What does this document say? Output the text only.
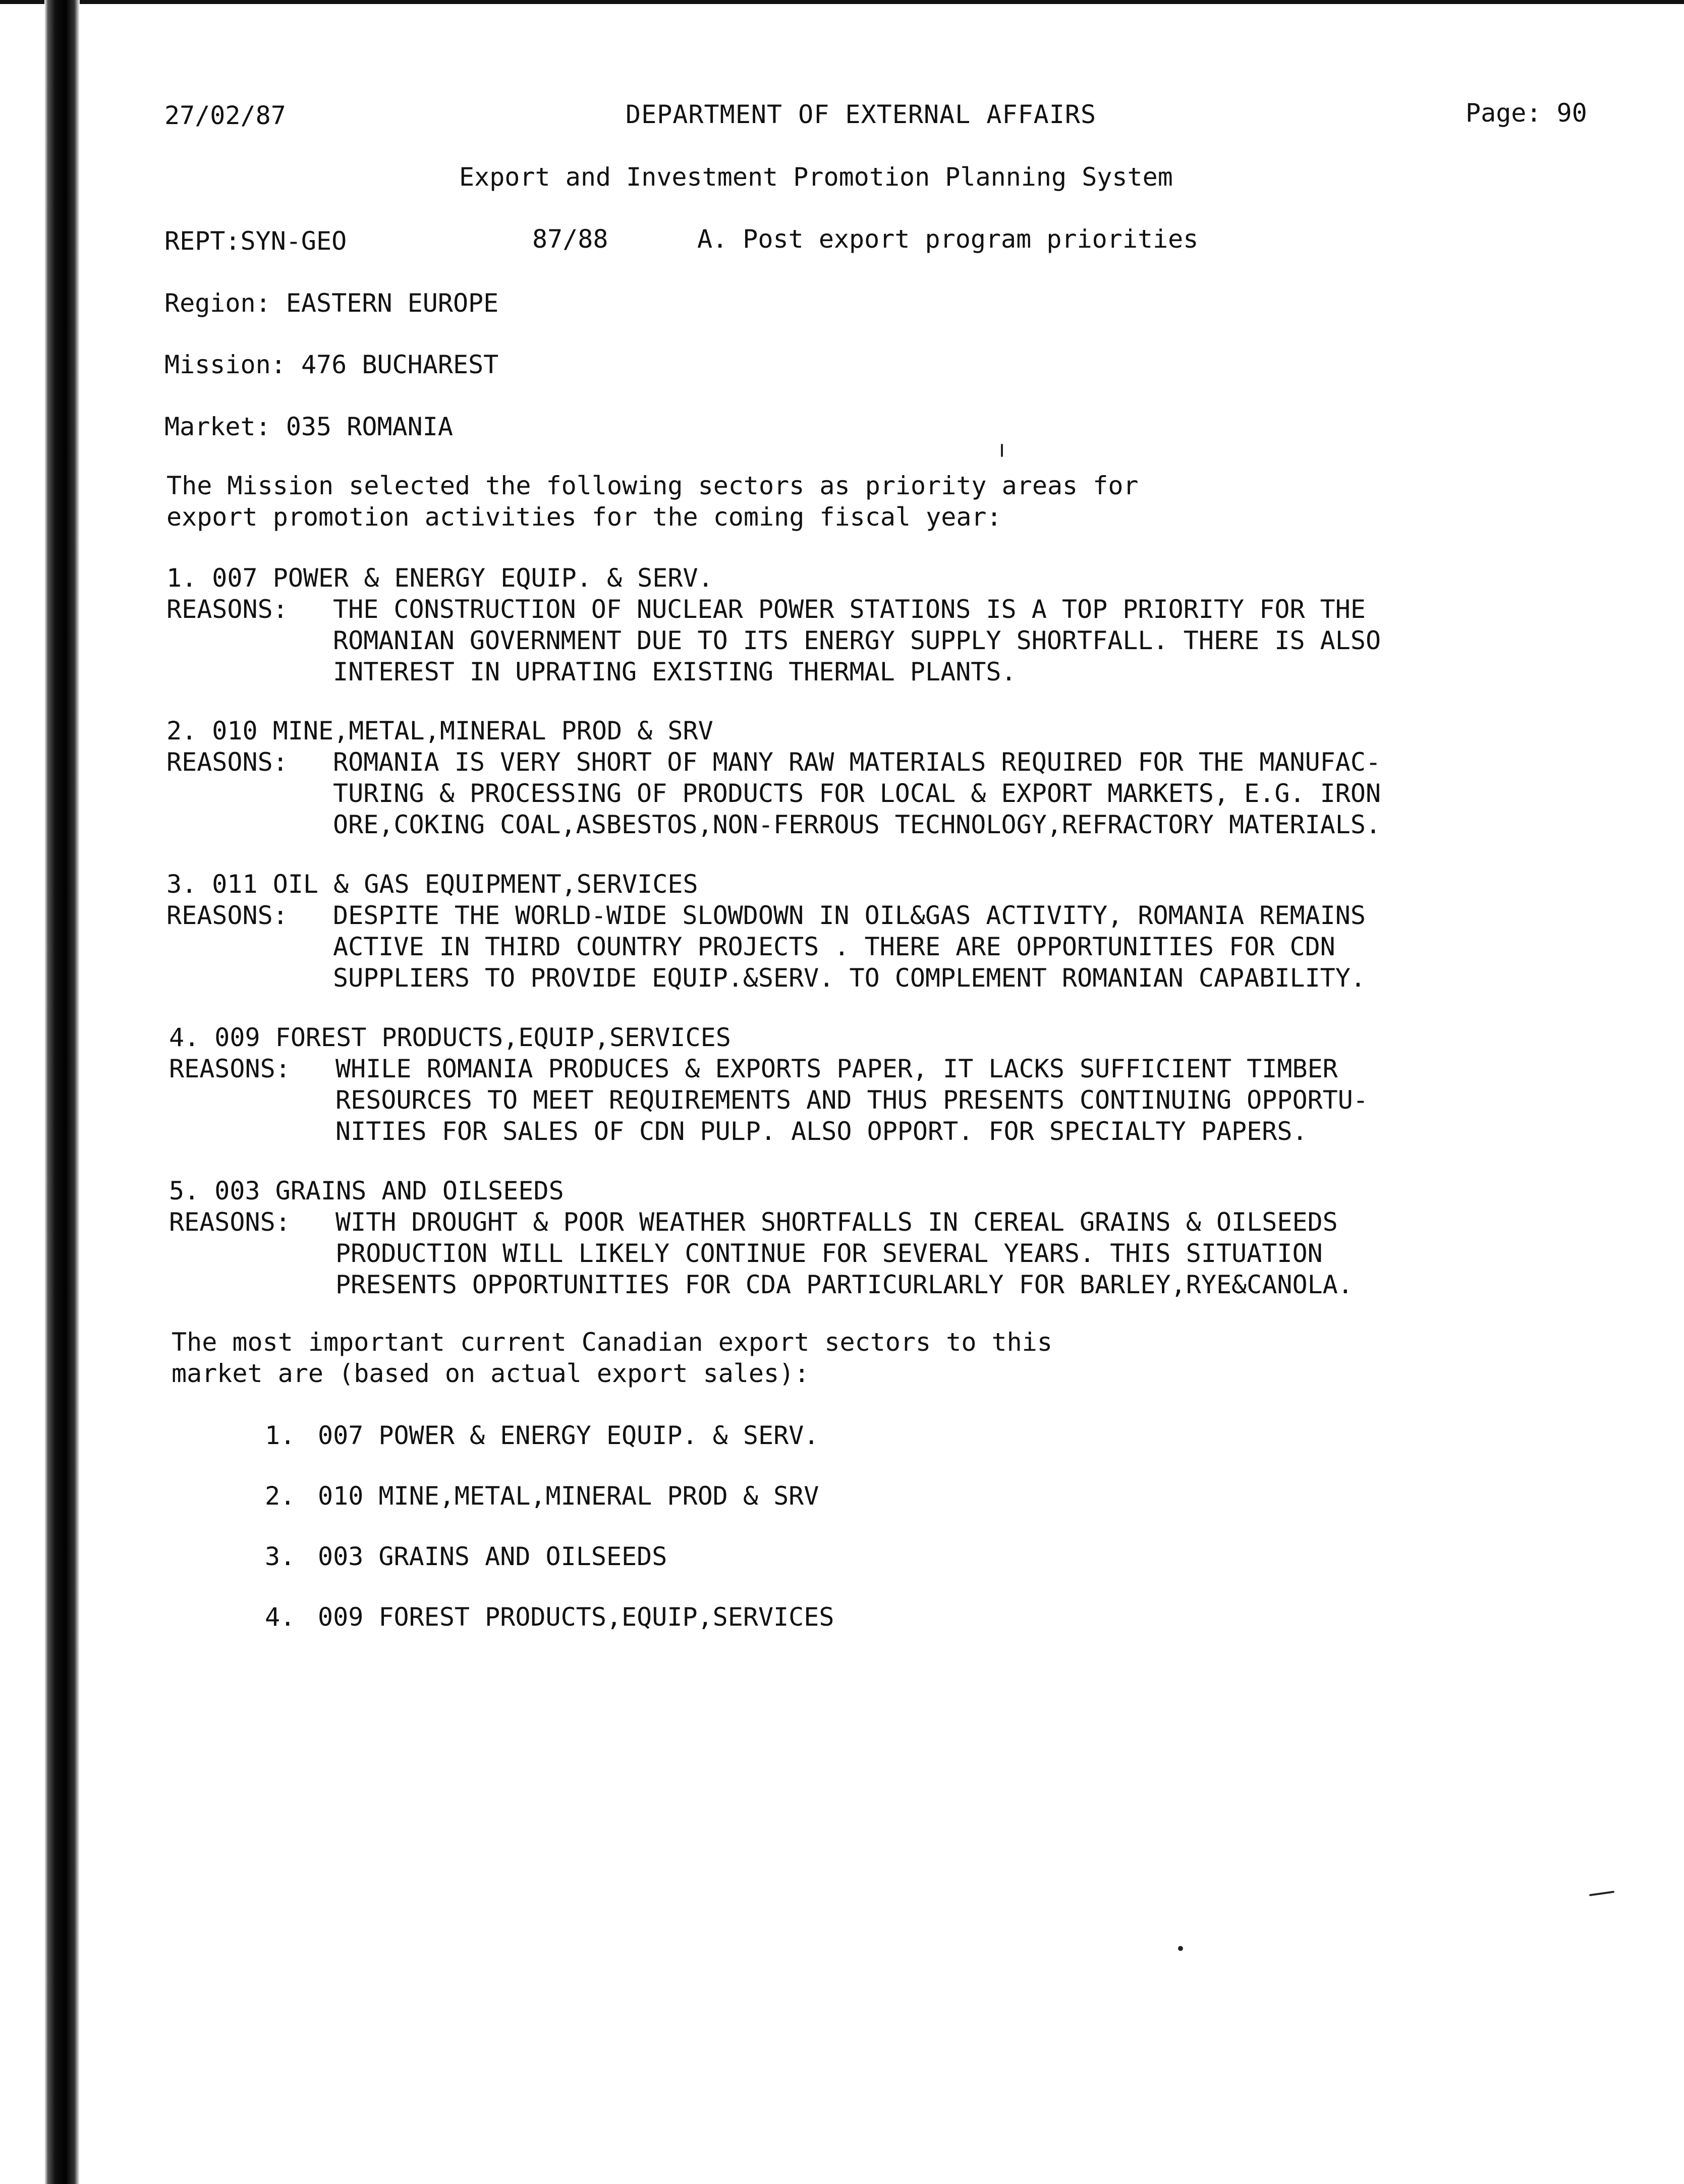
27/02/87	DEPARTMENT OF EXTERNAL AFFAIRS	Page: 90
Export and Investment Promotion Planning System
REPT:SYN-GEO	87/88	A. Post export program priorities
Region: EASTERN EUROPE
Mission: 476 BUCHAREST
Market: 035 ROMANIA
The Mission selected the following sectors as priority areas for
export promotion activities for the coming fiscal year:
1. 007 POWER & ENERGY EQUIP. & SERV.
REASONS:	THE CONSTRUCTION OF NUCLEAR POWER STATIONS IS A TOP PRIORITY FOR THE
ROMANIAN GOVERNMENT DUE TO ITS ENERGY SUPPLY SHORTFALL. THERE IS ALSO
INTEREST IN UPRATING EXISTING THERMAL PLANTS.
2. 010 MINE,METAL,MINERAL PROD & SRV
REASONS:	ROMANIA IS VERY SHORT OF MANY RAW MATERIALS REQUIRED FOR THE MANUFAC-
TURING & PROCESSING OF PRODUCTS FOR LOCAL & EXPORT MARKETS, E.G. IRON
ORE,COKING COAL,ASBESTOS,NON-FERROUS TECHNOLOGY,REFRACTORY MATERIALS.
3. 011 OIL & GAS EQUIPMENT,SERVICES
REASONS:	DESPITE THE WORLD-WIDE SLOWDOWN IN OIL&GAS ACTIVITY, ROMANIA REMAINS
ACTIVE IN THIRD COUNTRY PROJECTS . THERE ARE OPPORTUNITIES FOR CDN
SUPPLIERS TO PROVIDE EQUIP.&SERV. TO COMPLEMENT ROMANIAN CAPABILITY.
4. 009 FOREST PRODUCTS,EQUIP,SERVICES
REASONS:	WHILE ROMANIA PRODUCES & EXPORTS PAPER, IT LACKS SUFFICIENT TIMBER
RESOURCES TO MEET REQUIREMENTS AND THUS PRESENTS CONTINUING OPPORTU-
NITIES FOR SALES OF CDN PULP. ALSO OPPORT. FOR SPECIALTY PAPERS.
5. 003 GRAINS AND OILSEEDS
REASONS:	WITH DROUGHT & POOR WEATHER SHORTFALLS IN CEREAL GRAINS & OILSEEDS
PRODUCTION WILL LIKELY CONTINUE FOR SEVERAL YEARS. THIS SITUATION
PRESENTS OPPORTUNITIES FOR CDA PARTICURLARLY FOR BARLEY,RYE&CANOLA.
The most important current Canadian export sectors to this
market are (based on actual export sales):
1. 007 POWER & ENERGY EQUIP. & SERV.
2. 010 MINE,METAL,MINERAL PROD & SRV
3. 003 GRAINS AND OILSEEDS
4. 009 FOREST PRODUCTS,EQUIP,SERVICES
